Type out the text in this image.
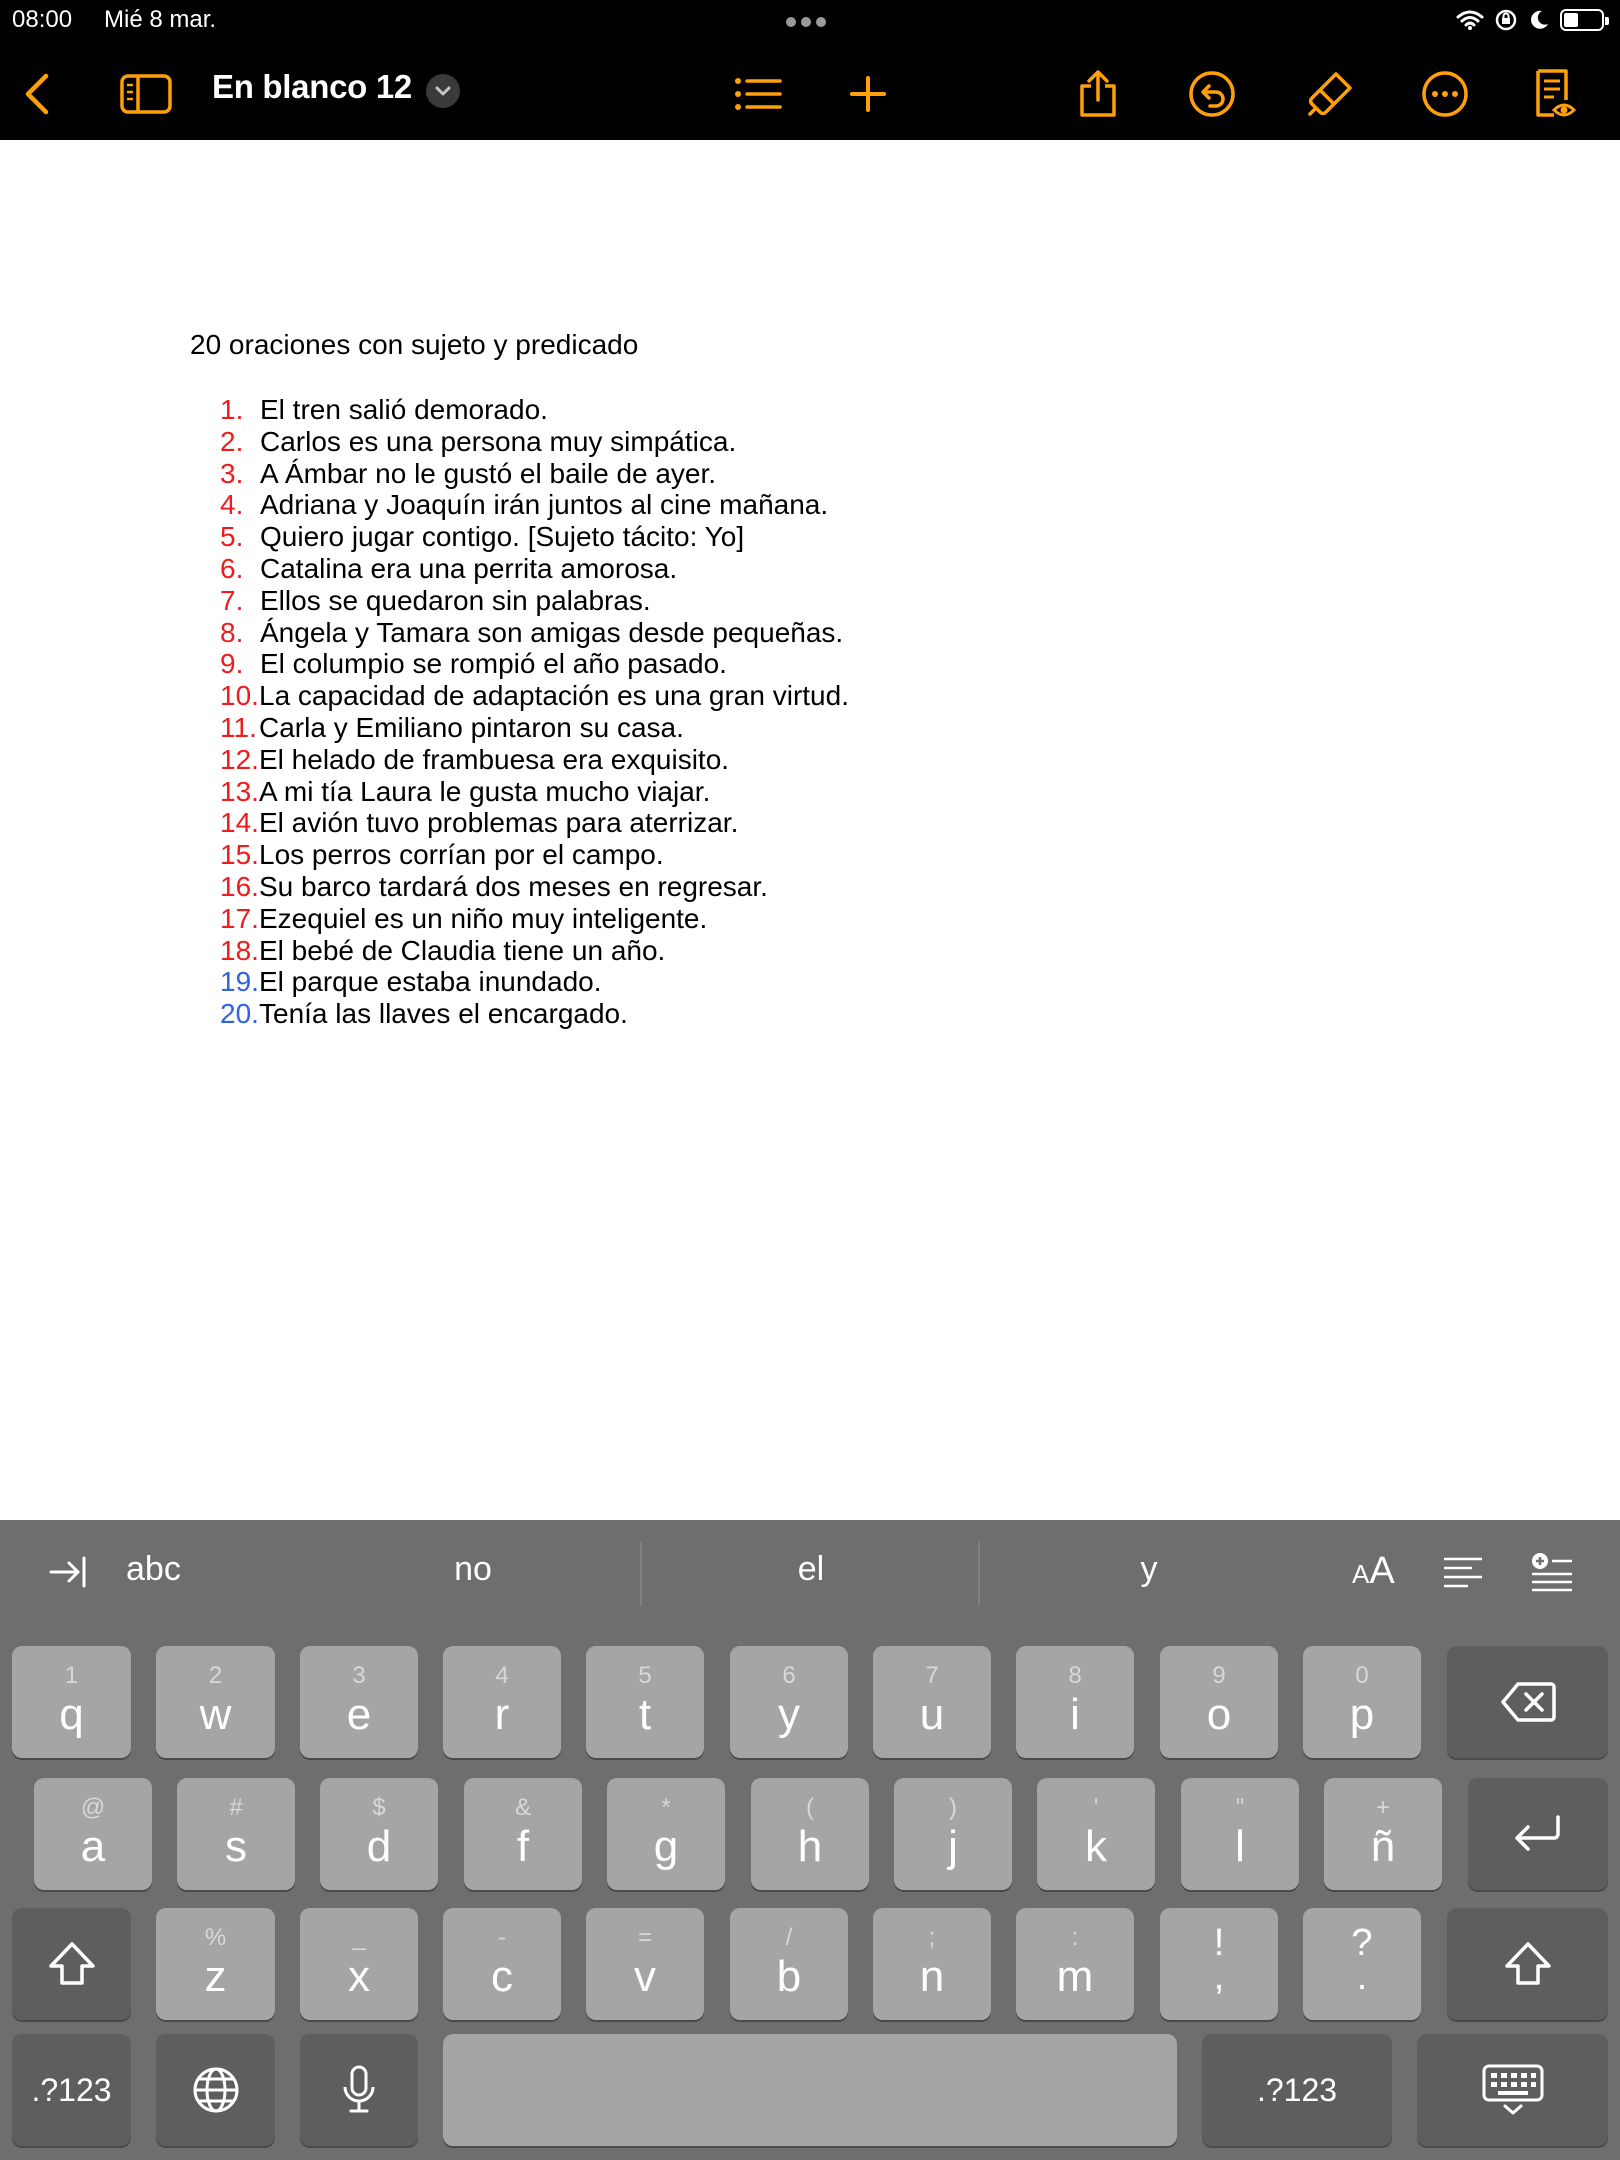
08:00 Mié 8 mar.
En blanco 12
20 oraciones con sujeto y predicado
1. El tren salió demorado.
2. Carlos es una persona muy simpática.
3. A Ámbar no le gustó el baile de ayer.
4. Adriana y Joaquín irán juntos al cine mañana.
5. Quiero jugar contigo. [Sujeto tácito: Yo]
6. Catalina era una perrita amorosa.
7. Ellos se quedaron sin palabras.
8. Ángela y Tamara son amigas desde pequeñas.
9. El columpio se rompió el año pasado.
10. La capacidad de adaptación es una gran virtud.
11. Carla y Emiliano pintaron su casa.
12. El helado de frambuesa era exquisito.
13. A mi tía Laura le gusta mucho viajar.
14. El avión tuvo problemas para aterrizar.
15. Los perros corrían por el campo.
16. Su barco tardará dos meses en regresar.
17. Ezequiel es un niño muy inteligente.
18. El bebé de Claudia tiene un año.
19. El parque estaba inundado.
20. Tenía las llaves el encargado.
abc	no	el	y	AA
1
q
2
w
3
e
4
r
5
t
6
y
7
u
8
i
9
o
0
p
@
a
#
s
$
d
&
f
*
g
(
h
)
j
'
k
"
l
+
ñ
%
z
_
x
-
c
=
v
/
b
;
n
:
m
!
,
?
.
.?123	.?123
